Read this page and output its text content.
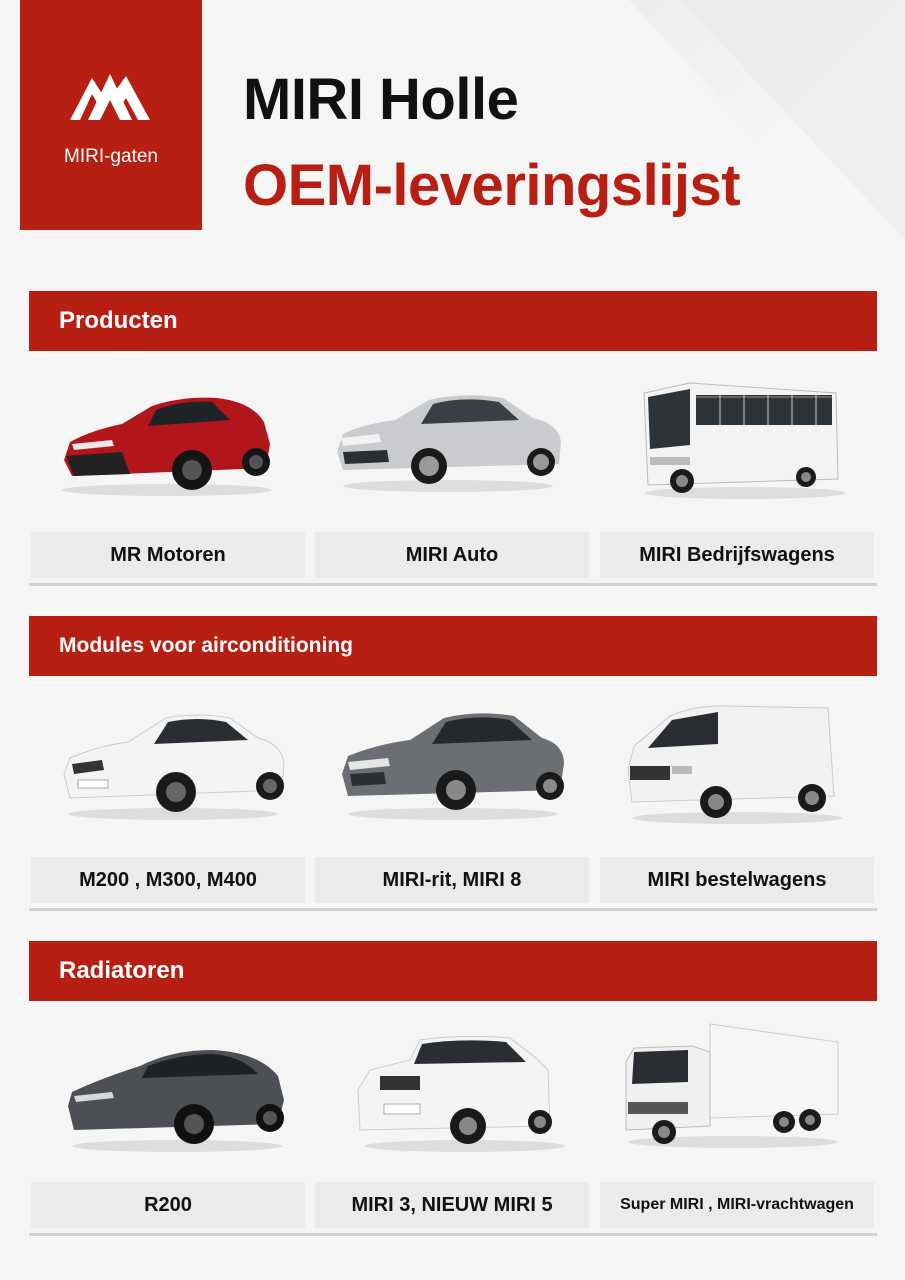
MIRI-gaten
MIRI Holle
OEM-leveringslijst
Producten
MR Motoren	MIRI Auto	MIRI Bedrijfswagens
Modules voor airconditioning
M200 , M300, M400	MIRI-rit, MIRI 8	MIRI bestelwagens
Radiatoren
R200	MIRI 3, NIEUW MIRI 5	Super MIRI , MIRI-vrachtwagen
